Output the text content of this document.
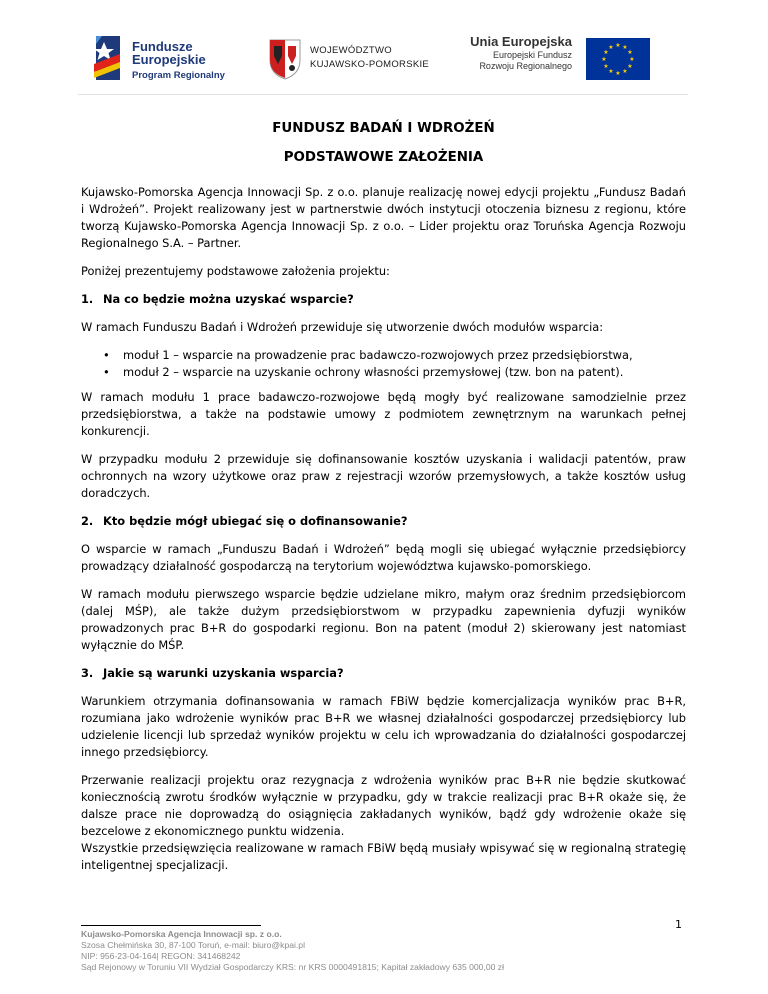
Fundusze
Europejskie
Program Regionalny
WOJEWÓDZTWO
KUJAWSKO-POMORSKIE
Unia Europejska
Europejski Fundusz
Rozwoju Regionalnego
★ ★
★
★
★
★
★
★
★
★
★
★

FUNDUSZ BADAŃ I WDROŻEŃ

PODSTAWOWE ZAŁOŻENIA

Kujawsko-Pomorska Agencja Innowacji Sp. z o.o. planuje realizację nowej edycji projektu „Fundusz Badań i Wdrożeń”. Projekt realizowany jest w partnerstwie dwóch instytucji otoczenia biznesu z regionu, które tworzą Kujawsko-Pomorska Agencja Innowacji Sp. z o.o. – Lider projektu oraz Toruńska Agencja Rozwoju Regionalnego S.A. – Partner.

Poniżej prezentujemy podstawowe założenia projektu:

1. Na co będzie można uzyskać wsparcie?

W ramach Funduszu Badań i Wdrożeń przewiduje się utworzenie dwóch modułów wsparcia:

• moduł 1 – wsparcie na prowadzenie prac badawczo-rozwojowych przez przedsiębiorstwa,
• moduł 2 – wsparcie na uzyskanie ochrony własności przemysłowej (tzw. bon na patent).

W ramach modułu 1 prace badawczo-rozwojowe będą mogły być realizowane samodzielnie przez przedsiębiorstwa, a także na podstawie umowy z podmiotem zewnętrznym na warunkach pełnej konkurencji.

W przypadku modułu 2 przewiduje się dofinansowanie kosztów uzyskania i walidacji patentów, praw ochronnych na wzory użytkowe oraz praw z rejestracji wzorów przemysłowych, a także kosztów usług doradczych.

2. Kto będzie mógł ubiegać się o dofinansowanie?

O wsparcie w ramach „Funduszu Badań i Wdrożeń” będą mogli się ubiegać wyłącznie przedsiębiorcy prowadzący działalność gospodarczą na terytorium województwa kujawsko-pomorskiego.

W ramach modułu pierwszego wsparcie będzie udzielane mikro, małym oraz średnim przedsiębiorcom (dalej MŚP), ale także dużym przedsiębiorstwom w przypadku zapewnienia dyfuzji wyników prowadzonych prac B+R do gospodarki regionu. Bon na patent (moduł 2) skierowany jest natomiast wyłącznie do MŚP.

3. Jakie są warunki uzyskania wsparcia?

Warunkiem otrzymania dofinansowania w ramach FBiW będzie komercjalizacja wyników prac B+R, rozumiana jako wdrożenie wyników prac B+R we własnej działalności gospodarczej przedsiębiorcy lub udzielenie licencji lub sprzedaż wyników projektu w celu ich wprowadzania do działalności gospodarczej innego przedsiębiorcy.

Przerwanie realizacji projektu oraz rezygnacja z wdrożenia wyników prac B+R nie będzie skutkować koniecznością zwrotu środków wyłącznie w przypadku, gdy w trakcie realizacji prac B+R okaże się, że dalsze prace nie doprowadzą do osiągnięcia zakładanych wyników, bądź gdy wdrożenie okaże się bezcelowe z ekonomicznego punktu widzenia.

Wszystkie przedsięwzięcia realizowane w ramach FBiW będą musiały wpisywać się w regionalną strategię inteligentnej specjalizacji.

1
Kujawsko-Pomorska Agencja Innowacji sp. z o.o.
Szosa Chełmińska 30, 87-100 Toruń, e-mail: biuro@kpai.pl
NIP: 956-23-04-164| REGON: 341468242
Sąd Rejonowy w Toruniu VII Wydział Gospodarczy KRS: nr KRS 0000491815; Kapitał zakładowy 635 000,00 zł
